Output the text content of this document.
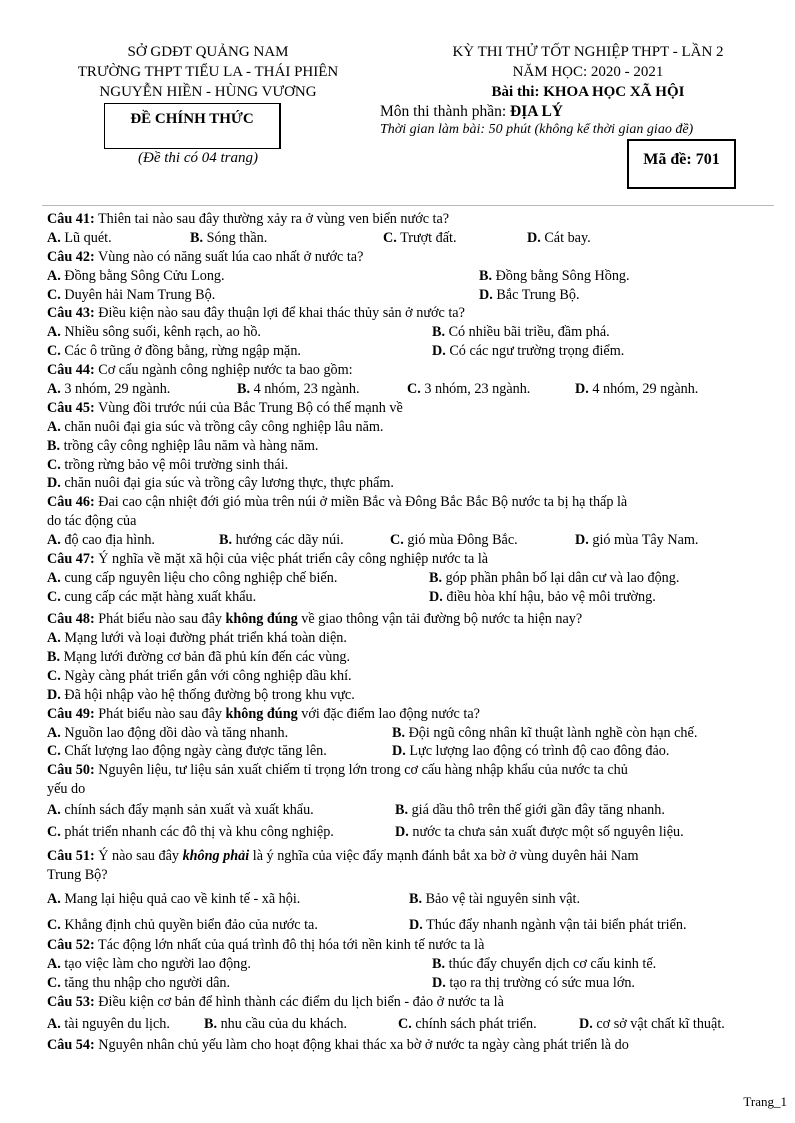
SỞ GDĐT QUẢNG NAM
TRƯỜNG THPT TIỂU LA - THÁI PHIÊN
NGUYỄN HIỀN - HÙNG VƯƠNG
ĐỀ CHÍNH THỨC
(Đề thi có 04 trang)
KỲ THI THỬ TỐT NGHIỆP THPT - LẦN 2
NĂM HỌC: 2020 - 2021
Bài thi: KHOA HỌC XÃ HỘI
Môn thi thành phần: ĐỊA LÝ
Thời gian làm bài: 50 phút (không kể thời gian giao đề)
Mã đề: 701
Câu 41: Thiên tai nào sau đây thường xảy ra ở vùng ven biển nước ta?
A. Lũ quét.	B. Sóng thần.	C. Trượt đất.	D. Cát bay.
Câu 42: Vùng nào có năng suất lúa cao nhất ở nước ta?
A. Đồng bằng Sông Cửu Long.	B. Đồng bằng Sông Hồng.
C. Duyên hải Nam Trung Bộ.	D. Bắc Trung Bộ.
Câu 43: Điều kiện nào sau đây thuận lợi để khai thác thủy sản ở nước ta?
A. Nhiều sông suối, kênh rạch, ao hồ.	B. Có nhiều bãi triều, đầm phá.
C. Các ô trũng ở đồng bằng, rừng ngập mặn.	D. Có các ngư trường trọng điểm.
Câu 44: Cơ cấu ngành công nghiệp nước ta bao gồm:
A. 3 nhóm, 29 ngành.	B. 4 nhóm, 23 ngành.	C. 3 nhóm, 23 ngành.	D. 4 nhóm, 29 ngành.
Câu 45: Vùng đồi trước núi của Bắc Trung Bộ có thế mạnh về
A. chăn nuôi đại gia súc và trồng cây công nghiệp lâu năm.
B. trồng cây công nghiệp lâu năm và hàng năm.
C. trồng rừng bảo vệ môi trường sinh thái.
D. chăn nuôi đại gia súc và trồng cây lương thực, thực phẩm.
Câu 46: Đai cao cận nhiệt đới gió mùa trên núi ở miền Bắc và Đông Bắc Bắc Bộ nước ta bị hạ thấp là
do tác động của
A. độ cao địa hình.	B. hướng các dãy núi.	C. gió mùa Đông Bắc.	D. gió mùa Tây Nam.
Câu 47: Ý nghĩa về mặt xã hội của việc phát triển cây công nghiệp nước ta là
A. cung cấp nguyên liệu cho công nghiệp chế biến.	B. góp phần phân bố lại dân cư và lao động.
C. cung cấp các mặt hàng xuất khẩu.	D. điều hòa khí hậu, bảo vệ môi trường.
Câu 48: Phát biểu nào sau đây không đúng về giao thông vận tải đường bộ nước ta hiện nay?
A. Mạng lưới và loại đường phát triển khá toàn diện.
B. Mạng lưới đường cơ bản đã phủ kín đến các vùng.
C. Ngày càng phát triển gắn với công nghiệp dầu khí.
D. Đã hội nhập vào hệ thống đường bộ trong khu vực.
Câu 49: Phát biểu nào sau đây không đúng với đặc điểm lao động nước ta?
A. Nguồn lao động dồi dào và tăng nhanh.	B. Đội ngũ công nhân kĩ thuật lành nghề còn hạn chế.
C. Chất lượng lao động ngày càng được tăng lên.	D. Lực lượng lao động có trình độ cao đông đảo.
Câu 50: Nguyên liệu, tư liệu sản xuất chiếm tỉ trọng lớn trong cơ cấu hàng nhập khẩu của nước ta chủ
yếu do
A. chính sách đẩy mạnh sản xuất và xuất khẩu.	B. giá dầu thô trên thế giới gần đây tăng nhanh.
C. phát triển nhanh các đô thị và khu công nghiệp.	D. nước ta chưa sản xuất được một số nguyên liệu.
Câu 51: Ý nào sau đây không phải là ý nghĩa của việc đẩy mạnh đánh bắt xa bờ ở vùng duyên hải Nam
Trung Bộ?
A. Mang lại hiệu quả cao về kinh tế - xã hội.	B. Bảo vệ tài nguyên sinh vật.
C. Khẳng định chủ quyền biển đảo của nước ta.	D. Thúc đẩy nhanh ngành vận tải biển phát triển.
Câu 52: Tác động lớn nhất của quá trình đô thị hóa tới nền kinh tế nước ta là
A. tạo việc làm cho người lao động.	B. thúc đẩy chuyển dịch cơ cấu kinh tế.
C. tăng thu nhập cho người dân.	D. tạo ra thị trường có sức mua lớn.
Câu 53: Điều kiện cơ bản để hình thành các điểm du lịch biển - đảo ở nước ta là
A. tài nguyên du lịch. B. nhu cầu của du khách.	C. chính sách phát triển.	D. cơ sở vật chất kĩ thuật.
Câu 54: Nguyên nhân chủ yếu làm cho hoạt động khai thác xa bờ ở nước ta ngày càng phát triển là do
Trang_1
